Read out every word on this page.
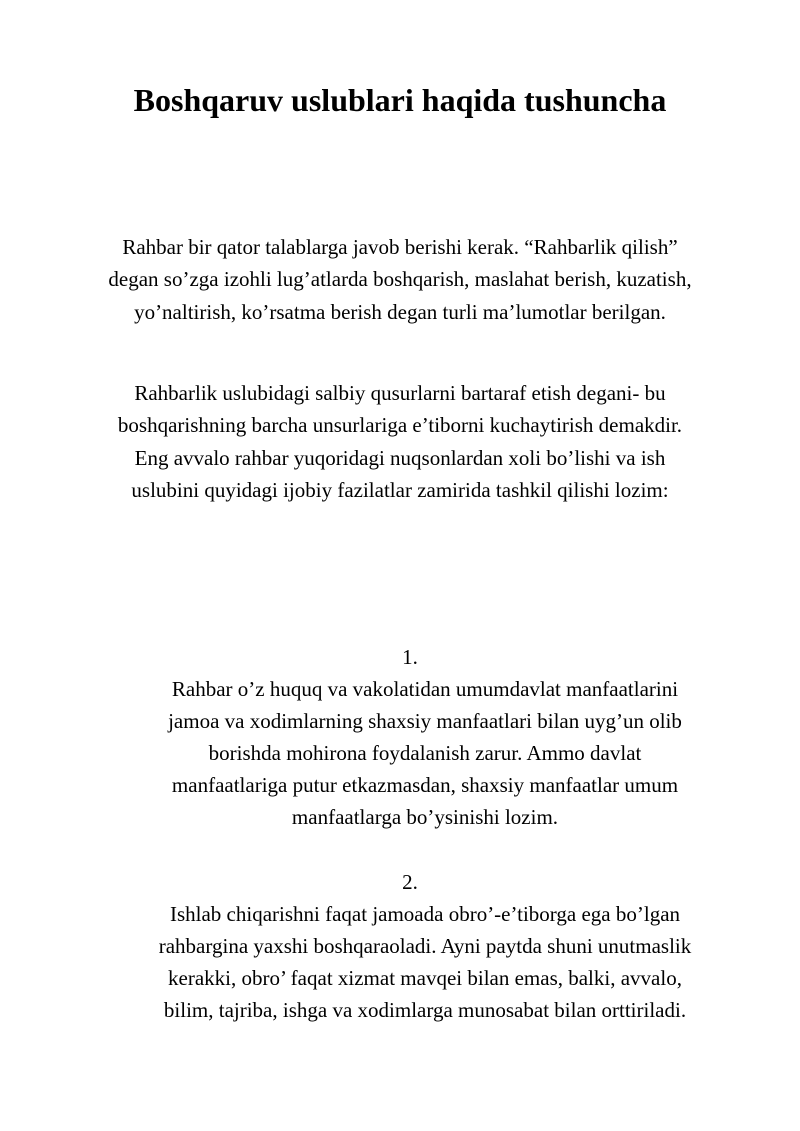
Boshqaruv uslublari haqida tushuncha

Rahbar bir qator talablarga javob berishi kerak. “Rahbarlik qilish” degan so’zga izohli lug’atlarda boshqarish, maslahat berish, kuzatish, yo’naltirish, ko’rsatma berish degan turli ma’lumotlar berilgan.

Rahbarlik uslubidagi salbiy qusurlarni bartaraf etish degani- bu boshqarishning barcha unsurlariga e’tiborni kuchaytirish demakdir. Eng avvalo rahbar yuqoridagi nuqsonlardan xoli bo’lishi va ish uslubini quyidagi ijobiy fazilatlar zamirida tashkil qilishi lozim:

1.

Rahbar o’z huquq va vakolatidan umumdavlat manfaatlarini jamoa va xodimlarning shaxsiy manfaatlari bilan uyg’un olib borishda mohirona foydalanish zarur. Ammo davlat manfaatlariga putur etkazmasdan, shaxsiy manfaatlar umum manfaatlarga bo’ysinishi lozim.

2.

Ishlab chiqarishni faqat jamoada obro’-e’tiborga ega bo’lgan rahbargina yaxshi boshqaraoladi. Ayni paytda shuni unutmaslik kerakki, obro’ faqat xizmat mavqei bilan emas, balki, avvalo, bilim, tajriba, ishga va xodimlarga munosabat bilan orttiriladi.
